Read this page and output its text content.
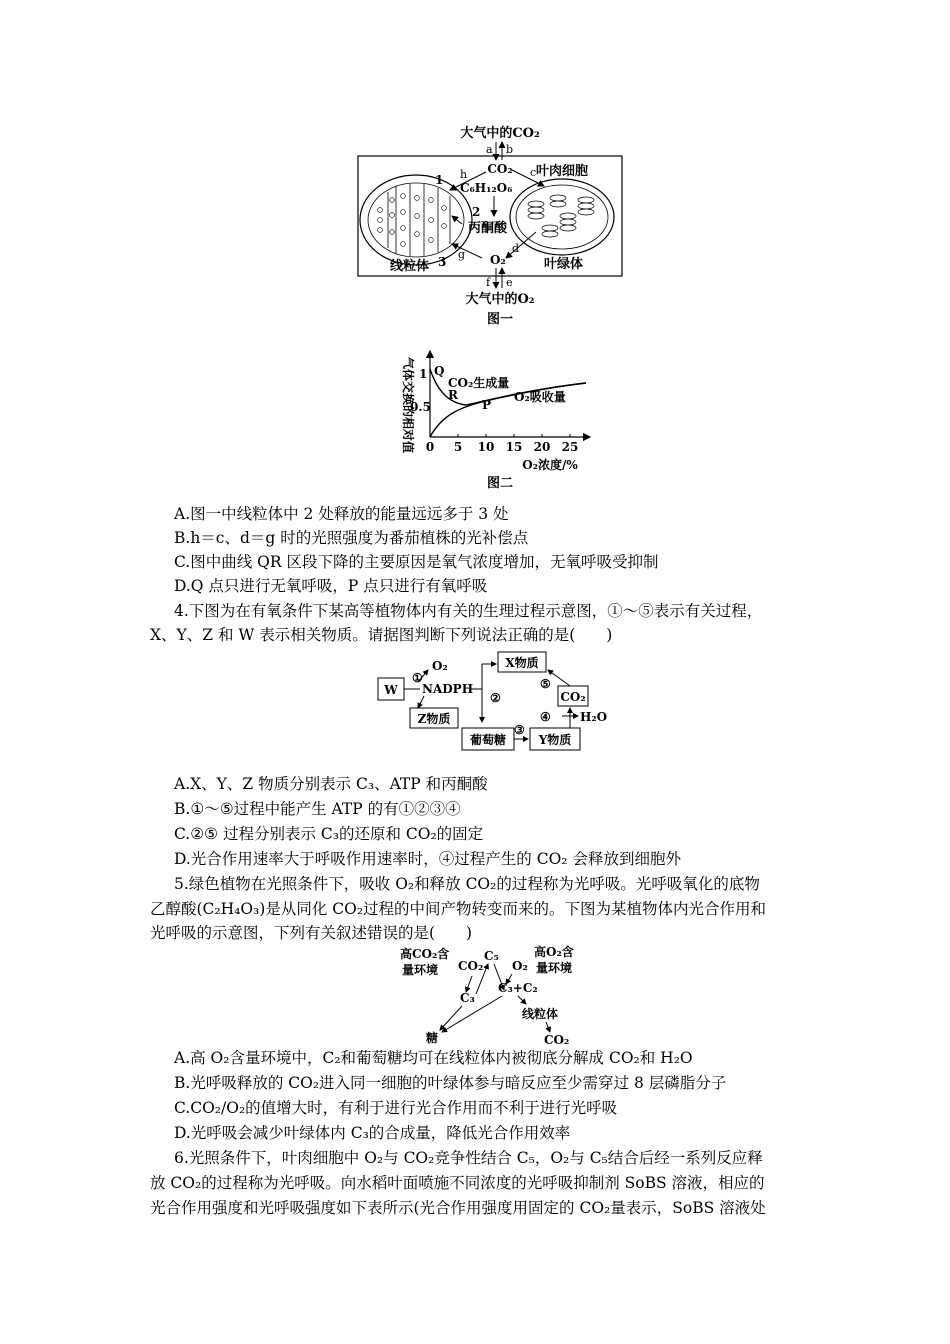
大气中的CO₂
a b
CO₂ 叶肉细胞
线粒体
1
2
3	叶绿体
C₆H₁₂O₆
丙酮酸
h	c
d
g O₂
f e
大气中的O₂
图一
气体交换的相对值 1
0.5
0 5 10 15 20 25
O₂浓度/%
Q
R
P
CO₂生成量
O₂吸收量
图二
A.图一中线粒体中 2 处释放的能量远远多于 3 处
B.h＝c、d＝g 时的光照强度为番茄植株的光补偿点
C.图中曲线 QR 区段下降的主要原因是氧气浓度增加，无氧呼吸受抑制
D.Q 点只进行无氧呼吸，P 点只进行有氧呼吸
4.下图为在有氧条件下某高等植物体内有关的生理过程示意图，①～⑤表示有关过程，
X、Y、Z 和 W 表示相关物质。请据图判断下列说法正确的是(　　)
W
①
O₂
NADPH
Z物质
②
X物质
⑤
CO₂
④ H₂O
葡萄糖
③
Y物质
A.X、Y、Z 物质分别表示 C₃、ATP 和丙酮酸
B.①～⑤过程中能产生 ATP 的有①②③④
C.②⑤ 过程分别表示 C₃的还原和 CO₂的固定
D.光合作用速率大于呼吸作用速率时，④过程产生的 CO₂ 会释放到细胞外
5.绿色植物在光照条件下，吸收 O₂和释放 CO₂的过程称为光呼吸。光呼吸氧化的底物
乙醇酸(C₂H₄O₃)是从同化 CO₂过程的中间产物转变而来的。下图为某植物体内光合作用和
光呼吸的示意图，下列有关叙述错误的是(　　)
高CO₂含
量环境
高O₂含
量环境
CO₂
C₅
O₂
C₃
C₃+C₂
线粒体
糖	CO₂
A.高 O₂含量环境中，C₂和葡萄糖均可在线粒体内被彻底分解成 CO₂和 H₂O
B.光呼吸释放的 CO₂进入同一细胞的叶绿体参与暗反应至少需穿过 8 层磷脂分子
C.CO₂/O₂的值增大时，有利于进行光合作用而不利于进行光呼吸
D.光呼吸会减少叶绿体内 C₃的合成量，降低光合作用效率
6.光照条件下，叶肉细胞中 O₂与 CO₂竞争性结合 C₅，O₂与 C₅结合后经一系列反应释
放 CO₂的过程称为光呼吸。向水稻叶面喷施不同浓度的光呼吸抑制剂 SoBS 溶液，相应的
光合作用强度和光呼吸强度如下表所示(光合作用强度用固定的 CO₂量表示，SoBS 溶液处
